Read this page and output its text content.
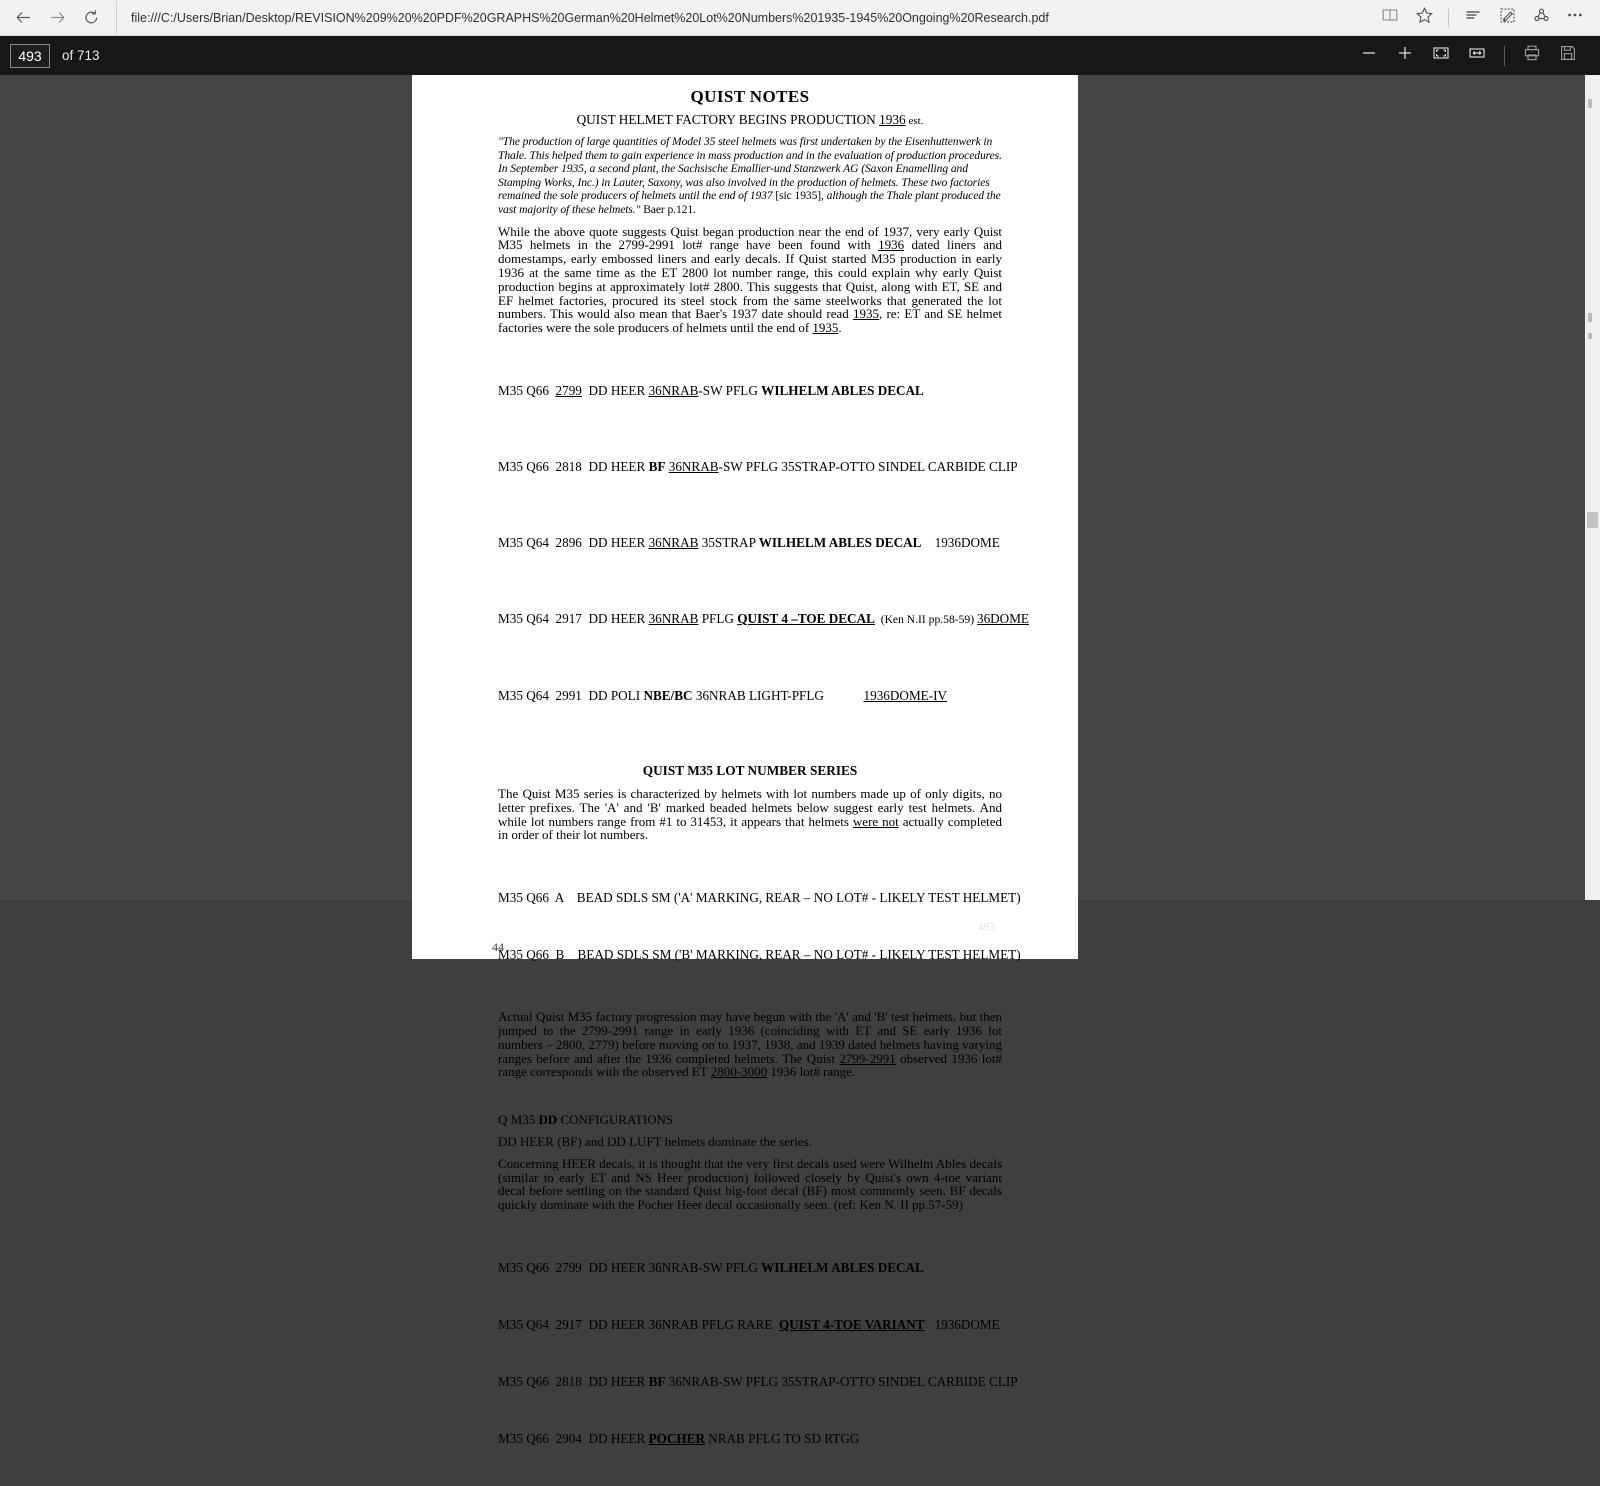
file:///C:/Users/Brian/Desktop/REVISION%209%20%20PDF%20GRAPHS%20German%20Helmet%20Lot%20Numbers%201935-1945%20Ongoing%20Research.pdf
493	of 713
QUIST NOTES
QUIST HELMET FACTORY BEGINS PRODUCTION 1936 est.

"The production of large quantities of Model 35 steel helmets was first undertaken by the Eisenhuttenwerk in Thale. This helped them to gain experience in mass production and in the evaluation of production procedures. In September 1935, a second plant, the Sachsische Emallier-und Stanzwerk AG (Saxon Enamelling and Stamping Works, Inc.) in Lauter, Saxony, was also involved in the production of helmets. These two factories remained the sole producers of helmets until the end of 1937 [sic 1935], although the Thale plant produced the vast majority of these helmets." Baer p.121.

While the above quote suggests Quist began production near the end of 1937, very early Quist M35 helmets in the 2799-2991 lot# range have been found with 1936 dated liners and domestamps, early embossed liners and early decals. If Quist started M35 production in early 1936 at the same time as the ET 2800 lot number range, this could explain why early Quist production begins at approximately lot# 2800. This suggests that Quist, along with ET, SE and EF helmet factories, procured its steel stock from the same steelworks that generated the lot numbers. This would also mean that Baer's 1937 date should read 1935, re: ET and SE helmet factories were the sole producers of helmets until the end of 1935.

M35 Q66  2799  DD HEER 36NRAB-SW PFLG WILHELM ABLES DECAL

M35 Q66  2818  DD HEER BF 36NRAB-SW PFLG 35STRAP-OTTO SINDEL CARBIDE CLIP

M35 Q64  2896  DD HEER 36NRAB 35STRAP WILHELM ABLES DECAL    1936DOME

M35 Q64  2917  DD HEER 36NRAB PFLG QUIST 4 –TOE DECAL  (Ken N.II pp.58-59) 36DOME

M35 Q64  2991  DD POLI NBE/BC 36NRAB LIGHT-PFLG	1936DOME-IV

QUIST M35 LOT NUMBER SERIES

The Quist M35 series is characterized by helmets with lot numbers made up of only digits, no letter prefixes. The 'A' and 'B' marked beaded helmets below suggest early test helmets. And while lot numbers range from #1 to 31453, it appears that helmets were not actually completed in order of their lot numbers.

M35 Q66  A    BEAD SDLS SM ('A' MARKING, REAR – NO LOT# - LIKELY TEST HELMET)

M35 Q66  B    BEAD SDLS SM ('B' MARKING, REAR – NO LOT# - LIKELY TEST HELMET)

Actual Quist M35 factory progression may have begun with the 'A' and 'B' test helmets, but then jumped to the 2799-2991 range in early 1936 (coinciding with ET and SE early 1936 lot numbers – 2800, 2779) before moving on to 1937, 1938, and 1939 dated helmets having varying ranges before and after the 1936 completed helmets. The Quist 2799-2991 observed 1936 lot# range corresponds with the observed ET 2800-3000 1936 lot# range.

Q M35 DD CONFIGURATIONS

DD HEER (BF) and DD LUFT helmets dominate the series.

Concerning HEER decals, it is thought that the very first decals used were Wilhelm Ables decals (similar to early ET and NS Heer production) followed closely by Quist's own 4-toe variant decal before settling on the standard Quist big-foot decal (BF) most commonly seen. BF decals quickly dominate with the Pocher Heer decal occasionally seen. (ref: Ken N. II pp.57-59)

M35 Q66  2799  DD HEER 36NRAB-SW PFLG WILHELM ABLES DECAL

M35 Q64  2917  DD HEER 36NRAB PFLG RARE  QUIST 4-TOE VARIANT   1936DOME

M35 Q66  2818  DD HEER BF 36NRAB-SW PFLG 35STRAP-OTTO SINDEL CARBIDE CLIP

M35 Q66  2904  DD HEER POCHER NRAB PFLG TO SD RTGG

493
44
